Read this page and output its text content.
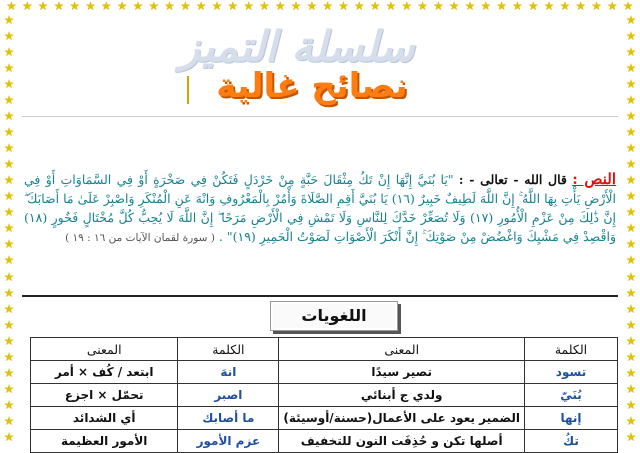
★ ★ ★ ★ ★ ★ ★ ★ ★ ★ ★ ★ ★ ★ ★ ★ ★ ★ ★ ★ ★ ★ ★ ★ ★ ★ ★ ★ ★ ★ ★ ★ ★ ★ ★ ★ ★ ★ ★ ★
★
★
★
★
★
★
★
★
★
★
★
★
★
★
★
★
★
★
★
★
★
★
★
★
★
★
★
★
★
★
★
★
★
★
★
★
★
★
★
★
★
★
★
★
★
★
★
★
★
★
★
★
★
★
سلسلة التميز
نصائح غالية
النص : قال الله - تعالى - : "يَا بُنَيَّ إِنَّهَا إِنْ تَكُ مِثْقَالَ حَبَّةٍ مِنْ خَرْدَلٍ فَتَكُنْ فِي صَخْرَةٍ أَوْ فِي السَّمَاوَاتِ أَوْ فِي الْأَرْضِ يَأْتِ بِهَا اللَّهُ ۚ إِنَّ اللَّهَ لَطِيفٌ خَبِيرٌ (١٦) يَا بُنَيَّ أَقِمِ الصَّلَاةَ وَأْمُرْ بِالْمَعْرُوفِ وَانْهَ عَنِ الْمُنْكَرِ وَاصْبِرْ عَلَىٰ مَا أَصَابَكَ ۖ إِنَّ ذَٰلِكَ مِنْ عَزْمِ الْأُمُورِ (١٧) وَلَا تُصَعِّرْ خَدَّكَ لِلنَّاسِ وَلَا تَمْشِ فِي الْأَرْضِ مَرَحًا ۖ إِنَّ اللَّهَ لَا يُحِبُّ كُلَّ مُخْتَالٍ فَخُورٍ (١٨) وَاقْصِدْ فِي مَشْيِكَ وَاغْضُضْ مِنْ صَوْتِكَ ۚ إِنَّ أَنْكَرَ الْأَصْوَاتِ لَصَوْتُ الْحَمِيرِ (١٩)" . ( سورة لقمان الآيات من ١٦ : ١٩ )
اللغويات
الكلمة	المعنى	الكلمة	المعنى
تسود	تصير سيدًا	انهَ	ابتعد / كُف × أمر
بُنَيّ	ولدي ج أبنائي	اصبر	تحمّل × اجزع
إنها	الضمير يعود على الأعمال(حسنة/أوسيئة)	ما أصابك	أي الشدائد
تكُ	أصلها تكن و حُذِفَت النون للتخفيف	عزم الأمور	الأمور العظيمة
